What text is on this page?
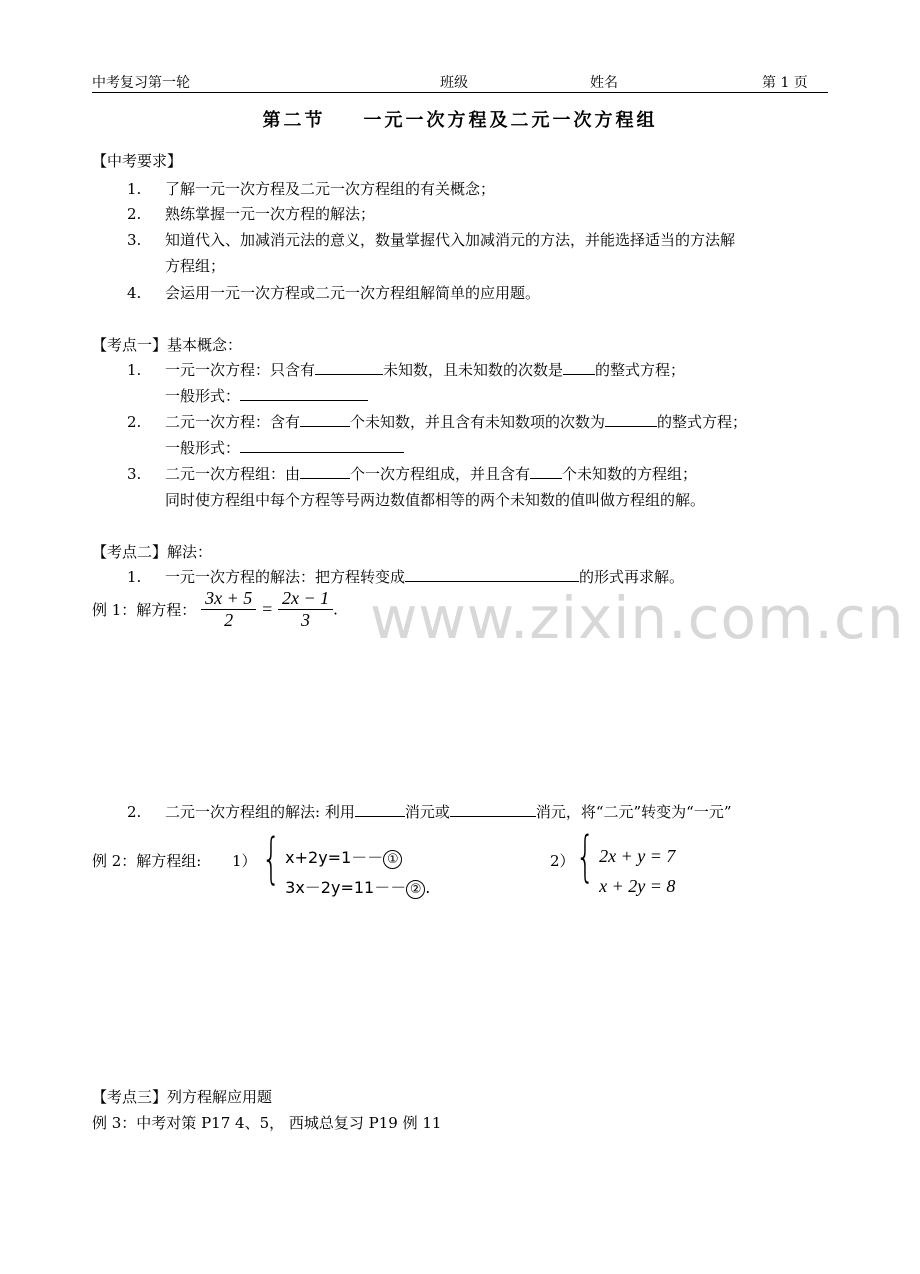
中考复习第一轮	班级	姓名	第 1 页
第二节 一元一次方程及二元一次方程组
【中考要求】
1. 了解一元一次方程及二元一次方程组的有关概念；
2. 熟练掌握一元一次方程的解法；
3. 知道代入、加减消元法的意义，数量掌握代入加减消元的方法，并能选择适当的方法解
方程组；
4. 会运用一元一次方程或二元一次方程组解简单的应用题。
【考点一】基本概念：
1. 一元一次方程：只含有	未知数，且未知数的次数是 的整式方程；
一般形式：
2. 二元一次方程：含有	个未知数，并且含有未知数项的次数为	的整式方程；
一般形式：
3. 二元一次方程组：由	个一次方程组成，并且含有 个未知数的方程组；
同时使方程组中每个方程等号两边数值都相等的两个未知数的值叫做方程组的解。
【考点二】解法：
1. 一元一次方程的解法：把方程转变成	的形式再求解。
www.zixin.com.cn
例 1：解方程： $\frac{3x + 5}{2} = \frac{2x - 1}{3}$ .
2. 二元一次方程组的解法: 利用	消元或	消元，将“二元”转变为“一元”
例 2：解方程组: 1） { x+2y=1－－ ①
3x－2y=11－－ ② .
2） { 2x + y = 7
x + 2y = 8
【考点三】列方程解应用题
例 3：中考对策 P17 4、5， 西城总复习 P19 例 11
